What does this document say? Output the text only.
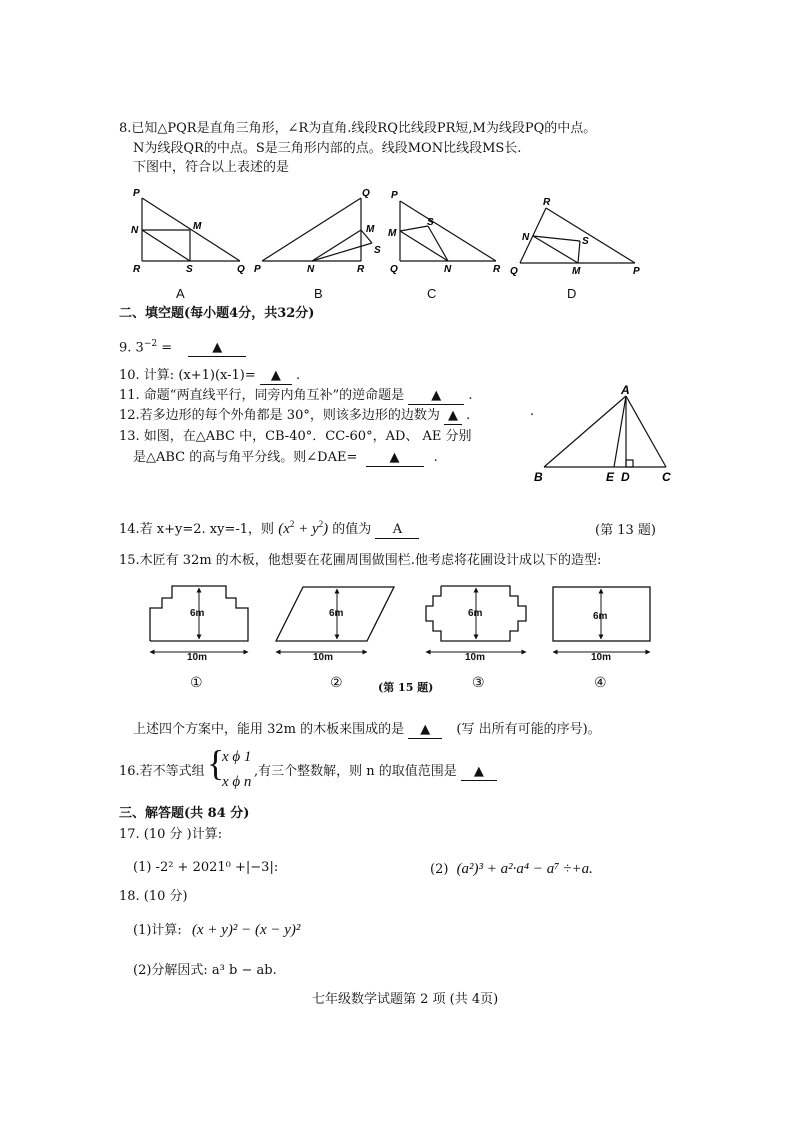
8.已知△PQR是直角三角形，∠R为直角.线段RQ比线段PR短,M为线段PQ的中点。
N为线段QR的中点。S是三角形内部的点。线段MON比线段MS长.
下图中，符合以上表述的是
P
N	M
R	S	Q
Q
M
S
P	N	R
P
S
M
Q	N	R
R
N	S
Q	M	P
A	B	C	D
二、填空题(每小题4分，共32分)
9. $3^{-2}$ =	▲
10. 计算: (x+1)(x-1)= ▲ .
11. 命题“两直线平行，同旁内角互补”的逆命题是 ▲ .
12.若多边形的每个外角都是 30°，则该多边形的边数为 ▲ .
13. 如图，在△ABC 中，CB-40°．CC-60°，AD、 AE 分别
是△ABC 的高与角平分线。则∠DAE= ▲	.
.
A
B	E D	C
14.若 x+y=2. xy=-1，则 $(x^2 + y^2)$ 的值为 A	(第 13 题)
15.木匠有 32m 的木板，他想要在花圃周围做围栏.他考虑将花圃设计成以下的造型:
6m
10m
6m
10m
6m
10m
6m
10m
①	②	(第 15 题)	③	④
上述四个方案中，能用 32m 的木板来围成的是 ▲ (写 出所有可能的序号)。
16.若不等式组 {
x ϕ 1
x ϕ n
,有三个整数解，则 n 的取值范围是 ▲
三、解答题(共 84 分)
17. (10 分 )计算:
(1) -2² + 2021⁰ +|−3|:	(2) (a²)³ + a²·a⁴ − a⁷ ÷+a.
18. (10 分)
(1)计算: (x + y)² − (x − y)²
(2)分解因式: a³ b − ab.
七年级数学试题第 2 项 (共 4页)
